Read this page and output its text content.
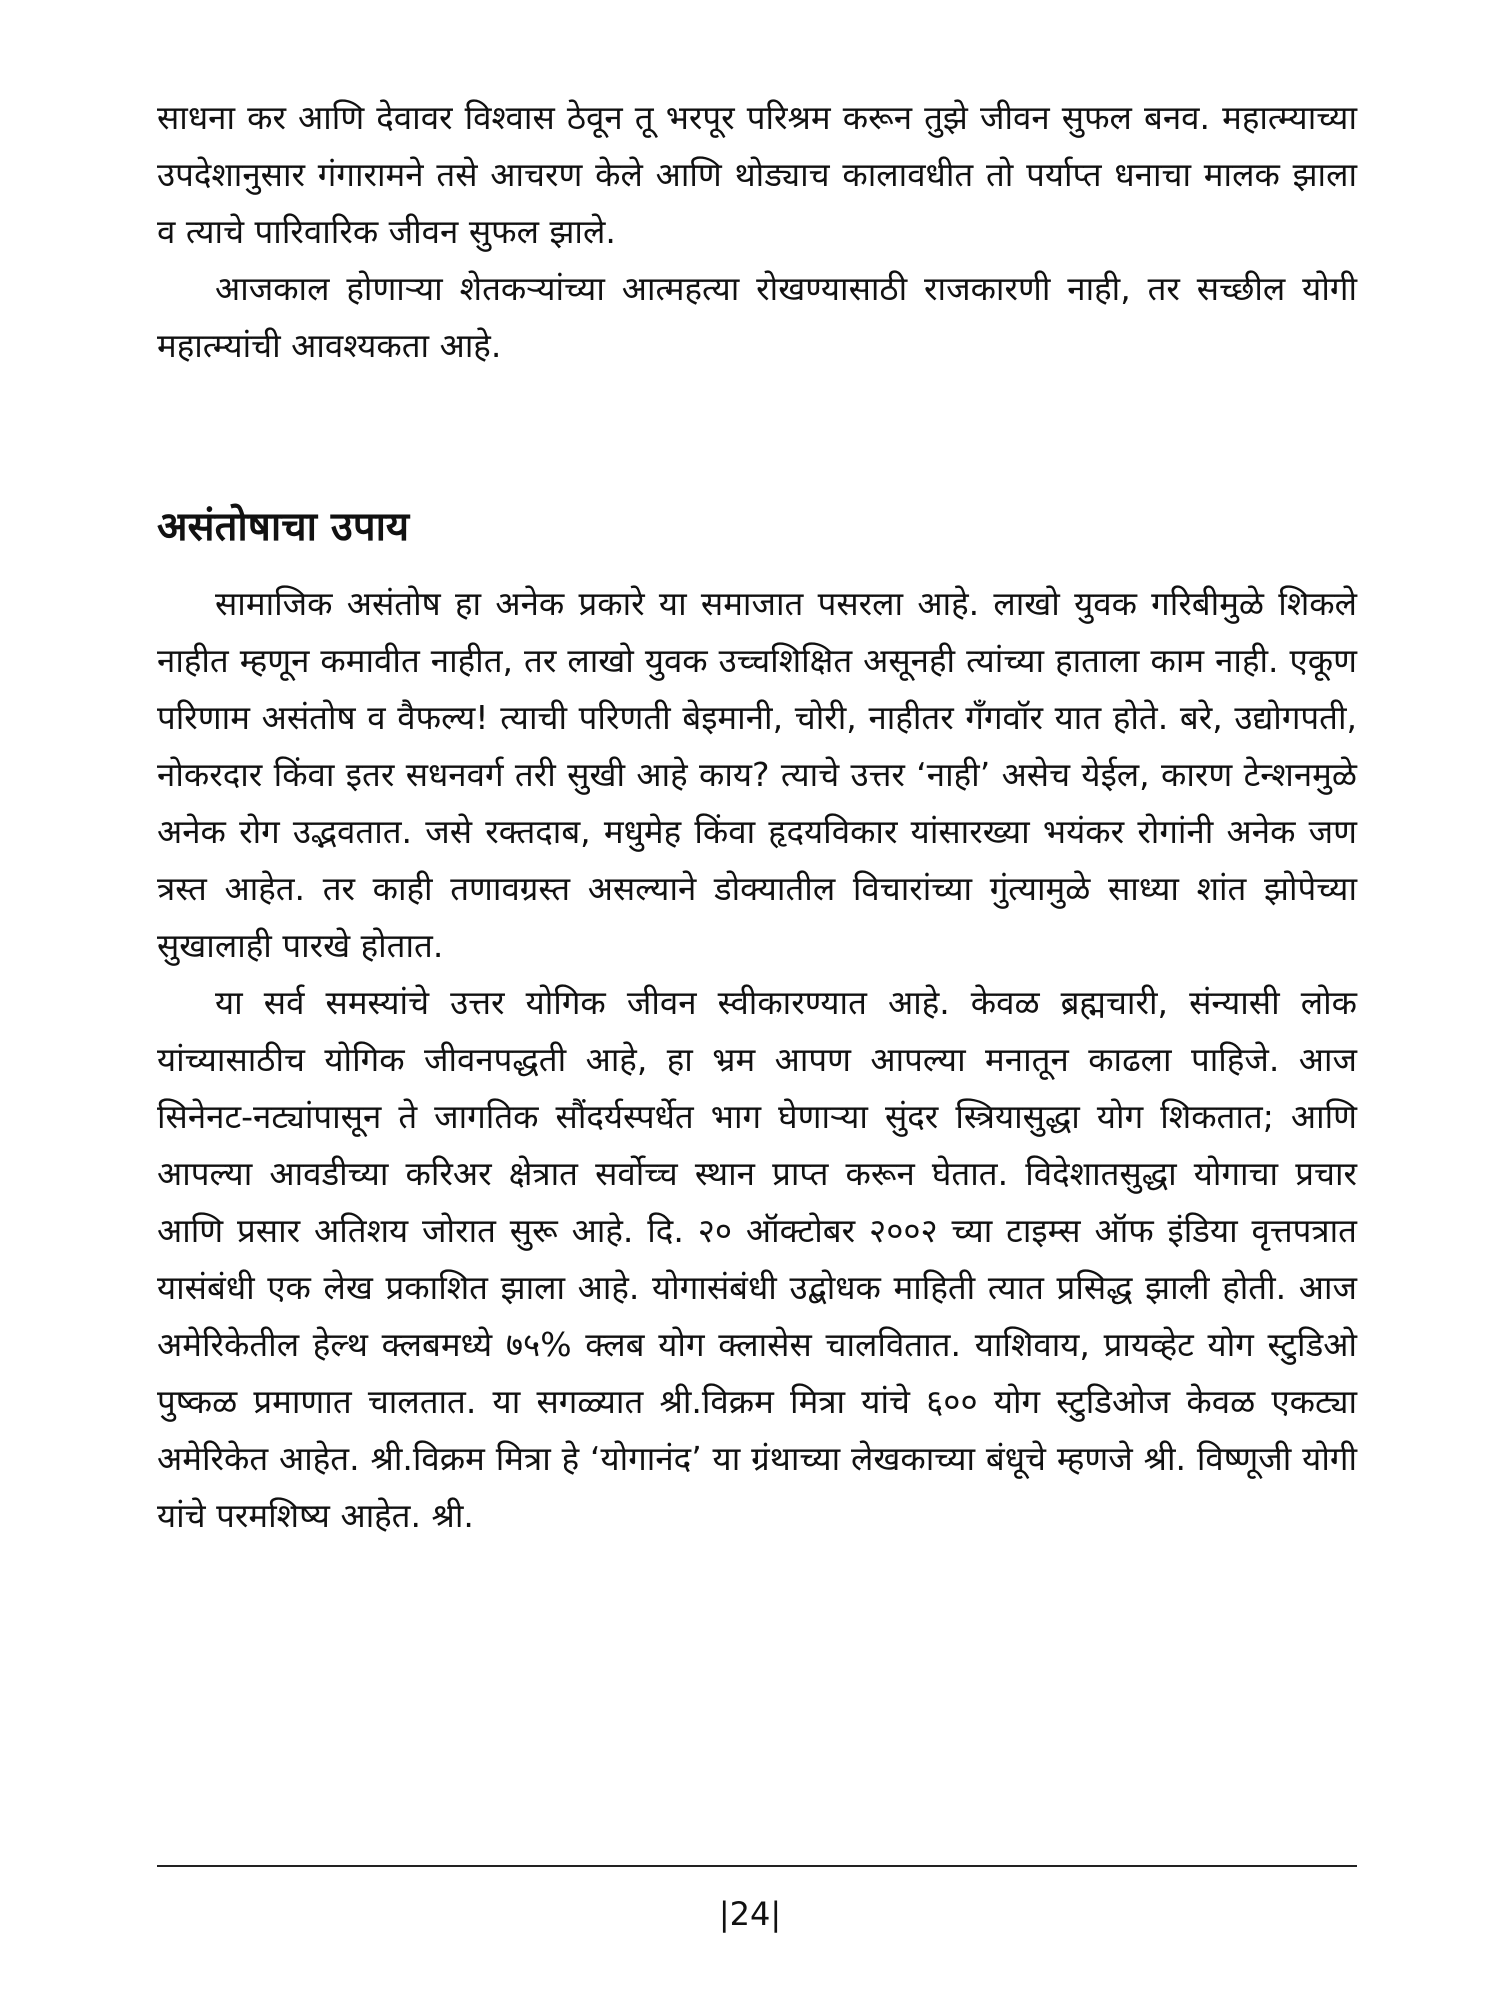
साधना कर आणि देवावर विश्वास ठेवून तू भरपूर परिश्रम करून तुझे जीवन सुफल बनव. महात्म्याच्या उपदेशानुसार गंगारामने तसे आचरण केले आणि थोड्याच कालावधीत तो पर्याप्त धनाचा मालक झाला व त्याचे पारिवारिक जीवन सुफल झाले.

आजकाल होणाऱ्या शेतकऱ्यांच्या आत्महत्या रोखण्यासाठी राजकारणी नाही, तर सच्छील योगी महात्म्यांची आवश्यकता आहे.

असंतोषाचा उपाय

सामाजिक असंतोष हा अनेक प्रकारे या समाजात पसरला आहे. लाखो युवक गरिबीमुळे शिकले नाहीत म्हणून कमावीत नाहीत, तर लाखो युवक उच्चशिक्षित असूनही त्यांच्या हाताला काम नाही. एकूण परिणाम असंतोष व वैफल्य! त्याची परिणती बेइमानी, चोरी, नाहीतर गँगवॉर यात होते. बरे, उद्योगपती, नोकरदार किंवा इतर सधनवर्ग तरी सुखी आहे काय? त्याचे उत्तर ‘नाही’ असेच येईल, कारण टेन्शनमुळे अनेक रोग उद्भवतात. जसे रक्तदाब, मधुमेह किंवा हृदयविकार यांसारख्या भयंकर रोगांनी अनेक जण त्रस्त आहेत. तर काही तणावग्रस्त असल्याने डोक्यातील विचारांच्या गुंत्यामुळे साध्या शांत झोपेच्या सुखालाही पारखे होतात.

या सर्व समस्यांचे उत्तर योगिक जीवन स्वीकारण्यात आहे. केवळ ब्रह्मचारी, संन्यासी लोक यांच्यासाठीच योगिक जीवनपद्धती आहे, हा भ्रम आपण आपल्या मनातून काढला पाहिजे. आज सिनेनट-नट्यांपासून ते जागतिक सौंदर्यस्पर्धेत भाग घेणाऱ्या सुंदर स्त्रियासुद्धा योग शिकतात; आणि आपल्या आवडीच्या करिअर क्षेत्रात सर्वोच्च स्थान प्राप्त करून घेतात. विदेशातसुद्धा योगाचा प्रचार आणि प्रसार अतिशय जोरात सुरू आहे. दि. २० ऑक्टोबर २००२ च्या टाइम्स ऑफ इंडिया वृत्तपत्रात यासंबंधी एक लेख प्रकाशित झाला आहे. योगासंबंधी उद्बोधक माहिती त्यात प्रसिद्ध झाली होती. आज अमेरिकेतील हेल्थ क्लबमध्ये ७५% क्लब योग क्लासेस चालवितात. याशिवाय, प्रायव्हेट योग स्टुडिओ पुष्कळ प्रमाणात चालतात. या सगळ्यात श्री.विक्रम मित्रा यांचे ६०० योग स्टुडिओज केवळ एकट्या अमेरिकेत आहेत. श्री.विक्रम मित्रा हे ‘योगानंद’ या ग्रंथाच्या लेखकाच्या बंधूचे म्हणजे श्री. विष्णूजी योगी यांचे परमशिष्य आहेत. श्री.

|24|
